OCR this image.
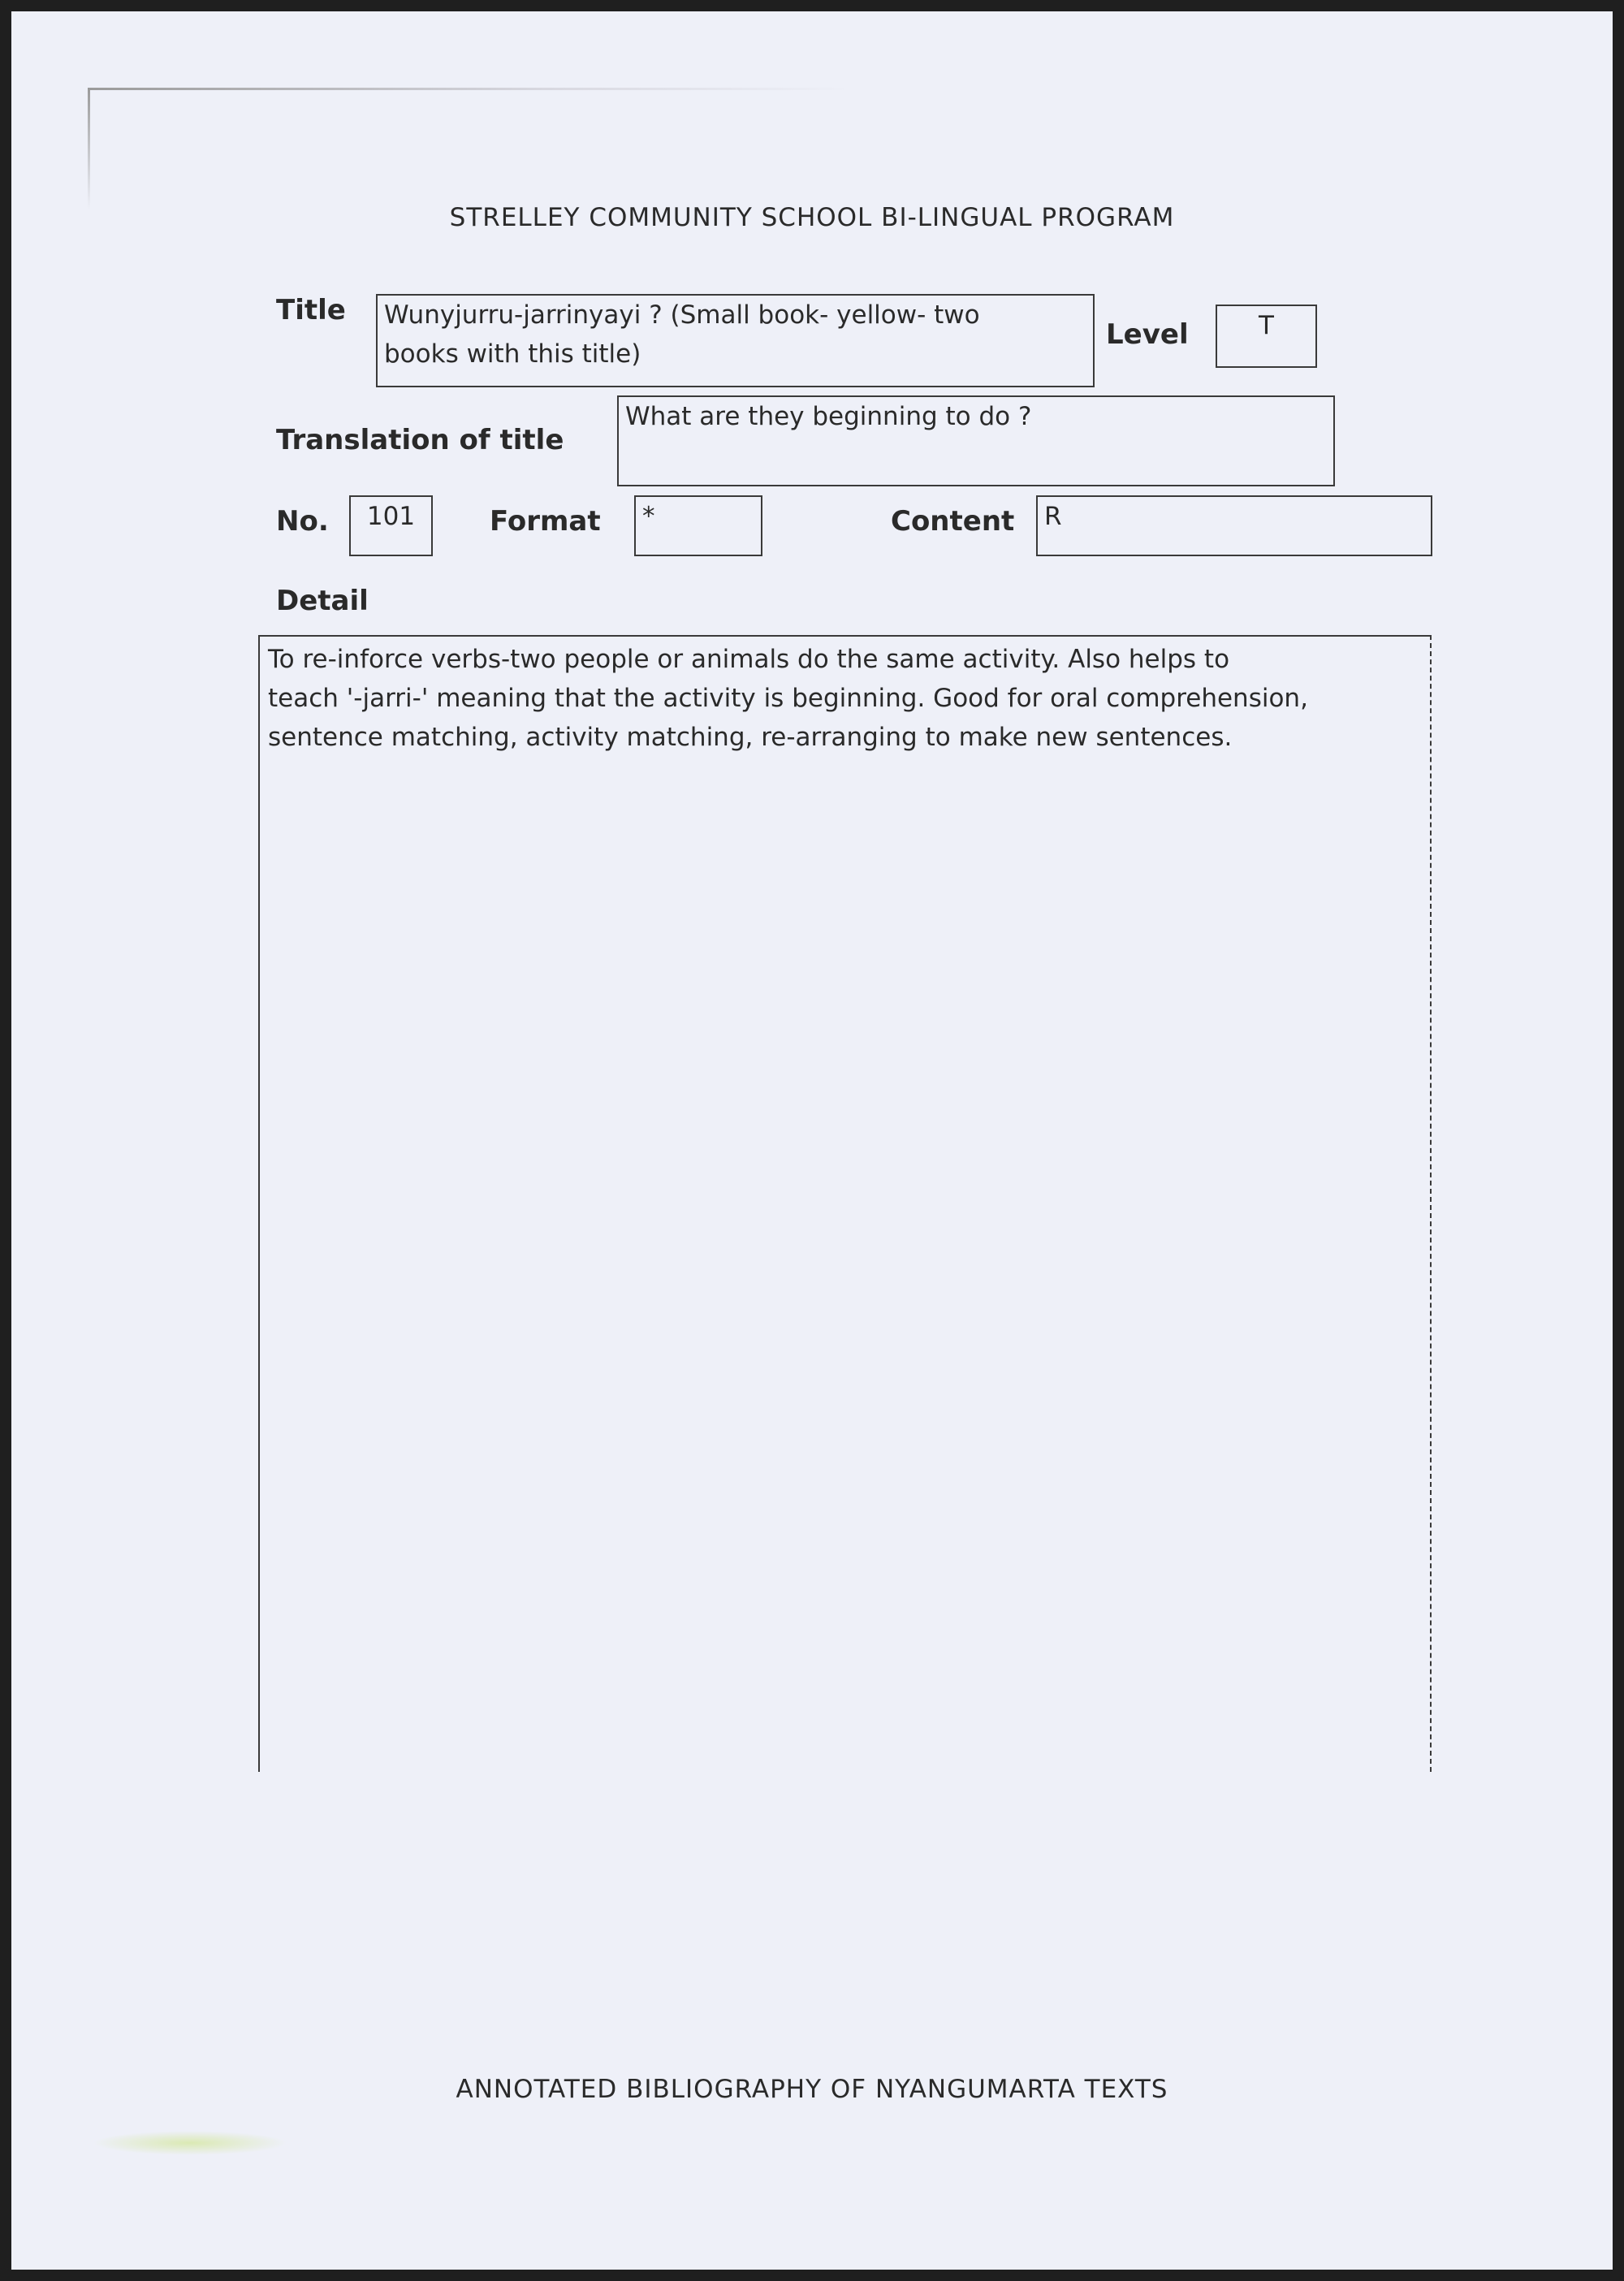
STRELLEY COMMUNITY SCHOOL BI-LINGUAL PROGRAM
Title Wunyjurru-jarrinyayi ? (Small book- yellow- two
books with this title)
Level	T
Translation of title
What are they beginning to do ?
No.	101	Format	*	Content	R
Detail
To re-inforce verbs-two people or animals do the same activity. Also helps to
teach '-jarri-' meaning that the activity is beginning. Good for oral comprehension,
sentence matching, activity matching, re-arranging to make new sentences.
ANNOTATED BIBLIOGRAPHY OF NYANGUMARTA TEXTS
